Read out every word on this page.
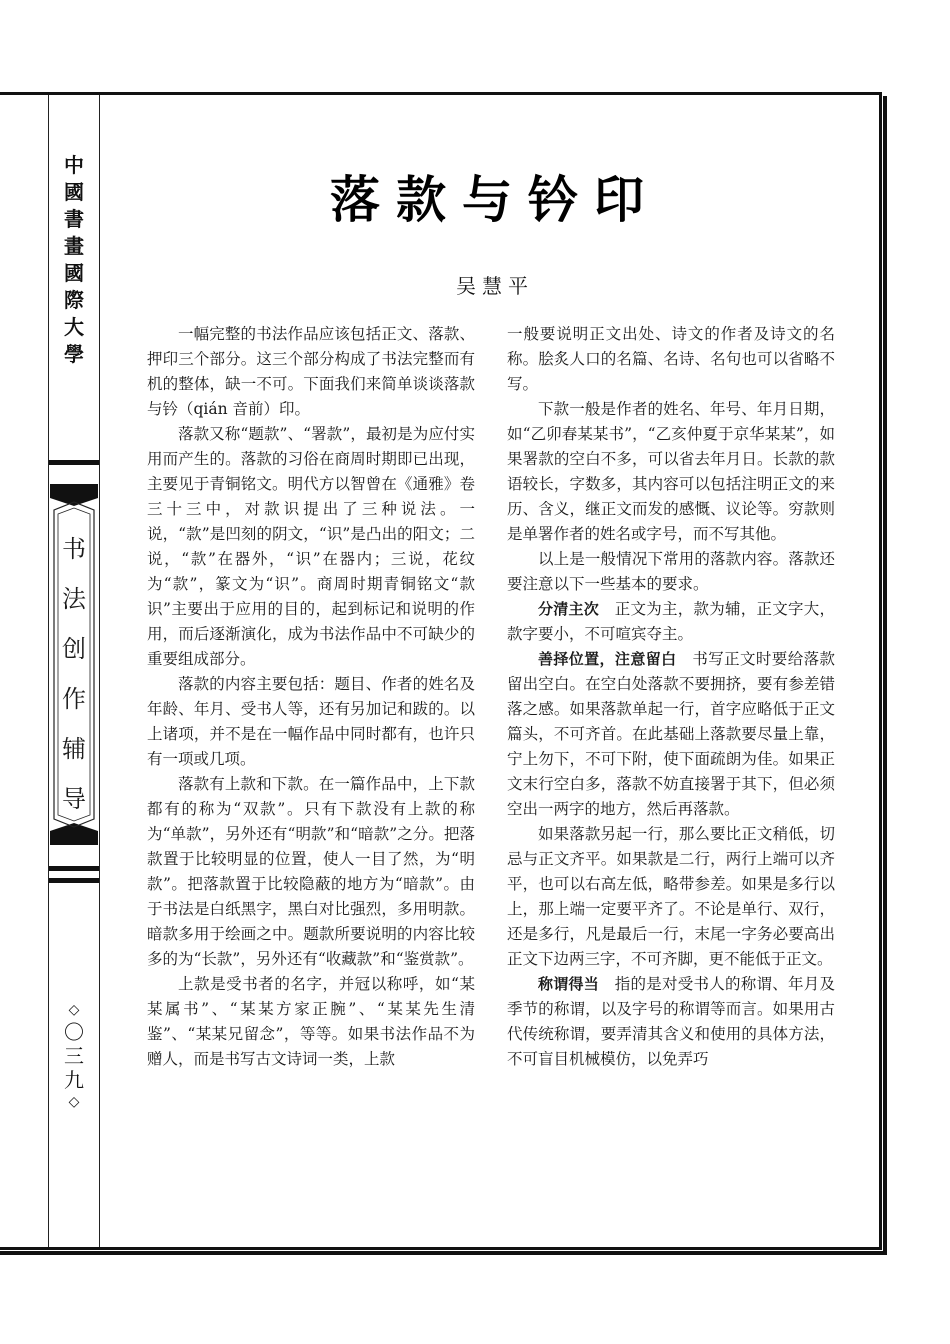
中
國
書
畫
國
際
大
學
书
法
创
作
辅
导
◇
〇
三
九
◇
落款与钤印
吴慧平

一幅完整的书法作品应该包括正文、落款、押印三个部分。这三个部分构成了书法完整而有机的整体，缺一不可。下面我们来简单谈谈落款与钤（qián 音前）印。

落款又称“题款”、“署款”，最初是为应付实用而产生的。落款的习俗在商周时期即已出现，主要见于青铜铭文。明代方以智曾在《通雅》卷三十三中，对款识提出了三种说法。一说，“款”是凹刻的阴文，“识”是凸出的阳文；二说，“款”在器外，“识”在器内；三说，花纹为“款”，篆文为“识”。商周时期青铜铭文“款识”主要出于应用的目的，起到标记和说明的作用，而后逐渐演化，成为书法作品中不可缺少的重要组成部分。

落款的内容主要包括：题目、作者的姓名及年龄、年月、受书人等，还有另加记和跋的。以上诸项，并不是在一幅作品中同时都有，也许只有一项或几项。

落款有上款和下款。在一篇作品中，上下款都有的称为“双款”。只有下款没有上款的称为“单款”，另外还有“明款”和“暗款”之分。把落款置于比较明显的位置，使人一目了然，为“明款”。把落款置于比较隐蔽的地方为“暗款”。由于书法是白纸黑字，黑白对比强烈，多用明款。暗款多用于绘画之中。题款所要说明的内容比较多的为“长款”，另外还有“收藏款”和“鉴赏款”。

上款是受书者的名字，并冠以称呼，如“某某属书”、“某某方家正腕”、“某某先生清鉴”、“某某兄留念”，等等。如果书法作品不为赠人，而是书写古文诗词一类，上款

一般要说明正文出处、诗文的作者及诗文的名称。脍炙人口的名篇、名诗、名句也可以省略不写。

下款一般是作者的姓名、年号、年月日期，如“乙卯春某某书”，“乙亥仲夏于京华某某”，如果署款的空白不多，可以省去年月日。长款的款语较长，字数多，其内容可以包括注明正文的来历、含义，继正文而发的感慨、议论等。穷款则是单署作者的姓名或字号，而不写其他。

以上是一般情况下常用的落款内容。落款还要注意以下一些基本的要求。

分清主次　 正文为主，款为辅，正文字大，款字要小，不可喧宾夺主。

善择位置，注意留白　 书写正文时要给落款留出空白。在空白处落款不要拥挤，要有参差错落之感。如果落款单起一行，首字应略低于正文篇头，不可齐首。在此基础上落款要尽量上靠，宁上勿下，不可下附，使下面疏朗为佳。如果正文末行空白多，落款不妨直接署于其下，但必须空出一两字的地方，然后再落款。

如果落款另起一行，那么要比正文稍低，切忌与正文齐平。如果款是二行，两行上端可以齐平，也可以右高左低，略带参差。如果是多行以上，那上端一定要平齐了。不论是单行、双行，还是多行，凡是最后一行，末尾一字务必要高出正文下边两三字，不可齐脚，更不能低于正文。

称谓得当　 指的是对受书人的称谓、年月及季节的称谓，以及字号的称谓等而言。如果用古代传统称谓，要弄清其含义和使用的具体方法，不可盲目机械模仿，以免弄巧
